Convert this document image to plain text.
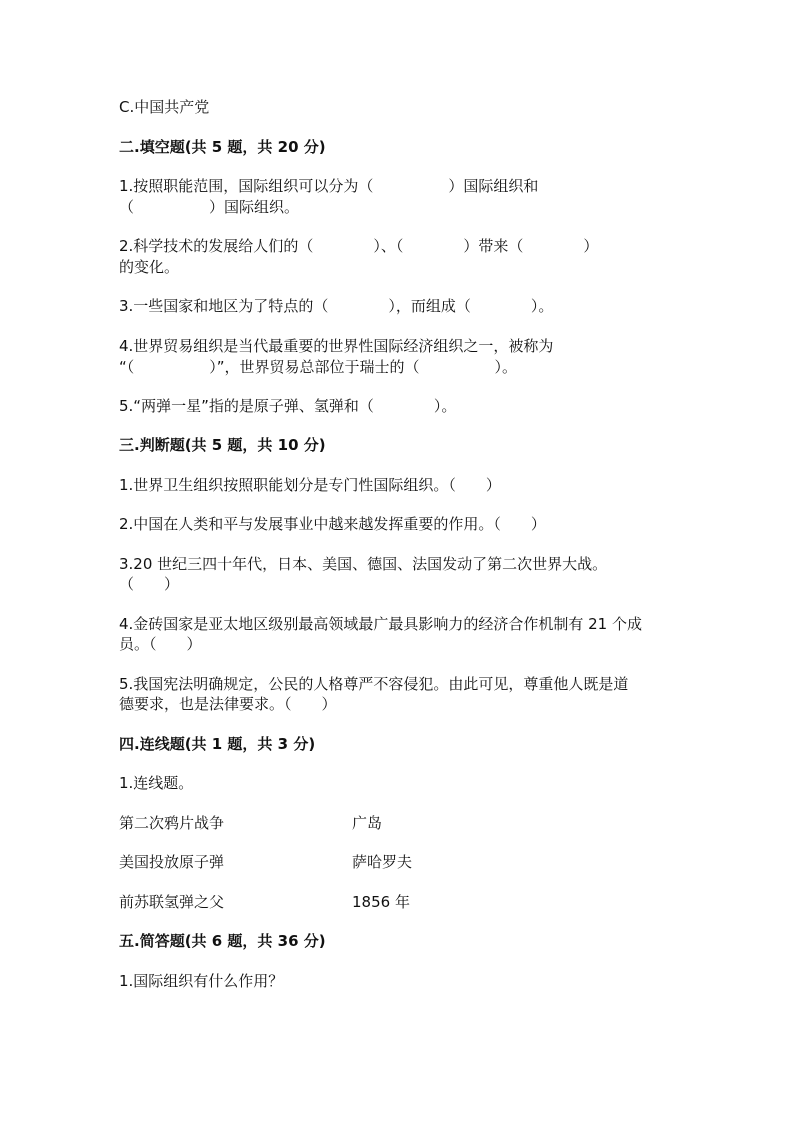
C.中国共产党
二.填空题(共 5 题，共 20 分)
1.按照职能范围，国际组织可以分为（　　　　　）国际组织和
（　　　　　）国际组织。
2.科学技术的发展给人们的（　　　　）、（　　　　）带来（　　　　）
的变化。
3.一些国家和地区为了特点的（　　　　），而组成（　　　　）。
4.世界贸易组织是当代最重要的世界性国际经济组织之一，被称为
“（　　　　　）”，世界贸易总部位于瑞士的（　　　　　）。
5.“两弹一星”指的是原子弹、氢弹和（　　　　）。
三.判断题(共 5 题，共 10 分)
1.世界卫生组织按照职能划分是专门性国际组织。（　　）
2.中国在人类和平与发展事业中越来越发挥重要的作用。（　　）
3.20 世纪三四十年代，日本、美国、德国、法国发动了第二次世界大战。
（　　）
4.金砖国家是亚太地区级别最高领域最广最具影响力的经济合作机制有 21 个成
员。（　　）
5.我国宪法明确规定，公民的人格尊严不容侵犯。由此可见，尊重他人既是道
德要求，也是法律要求。（　　）
四.连线题(共 1 题，共 3 分)
1.连线题。
第二次鸦片战争	广岛
美国投放原子弹	萨哈罗夫
前苏联氢弹之父	1856 年
五.简答题(共 6 题，共 36 分)
1.国际组织有什么作用？
